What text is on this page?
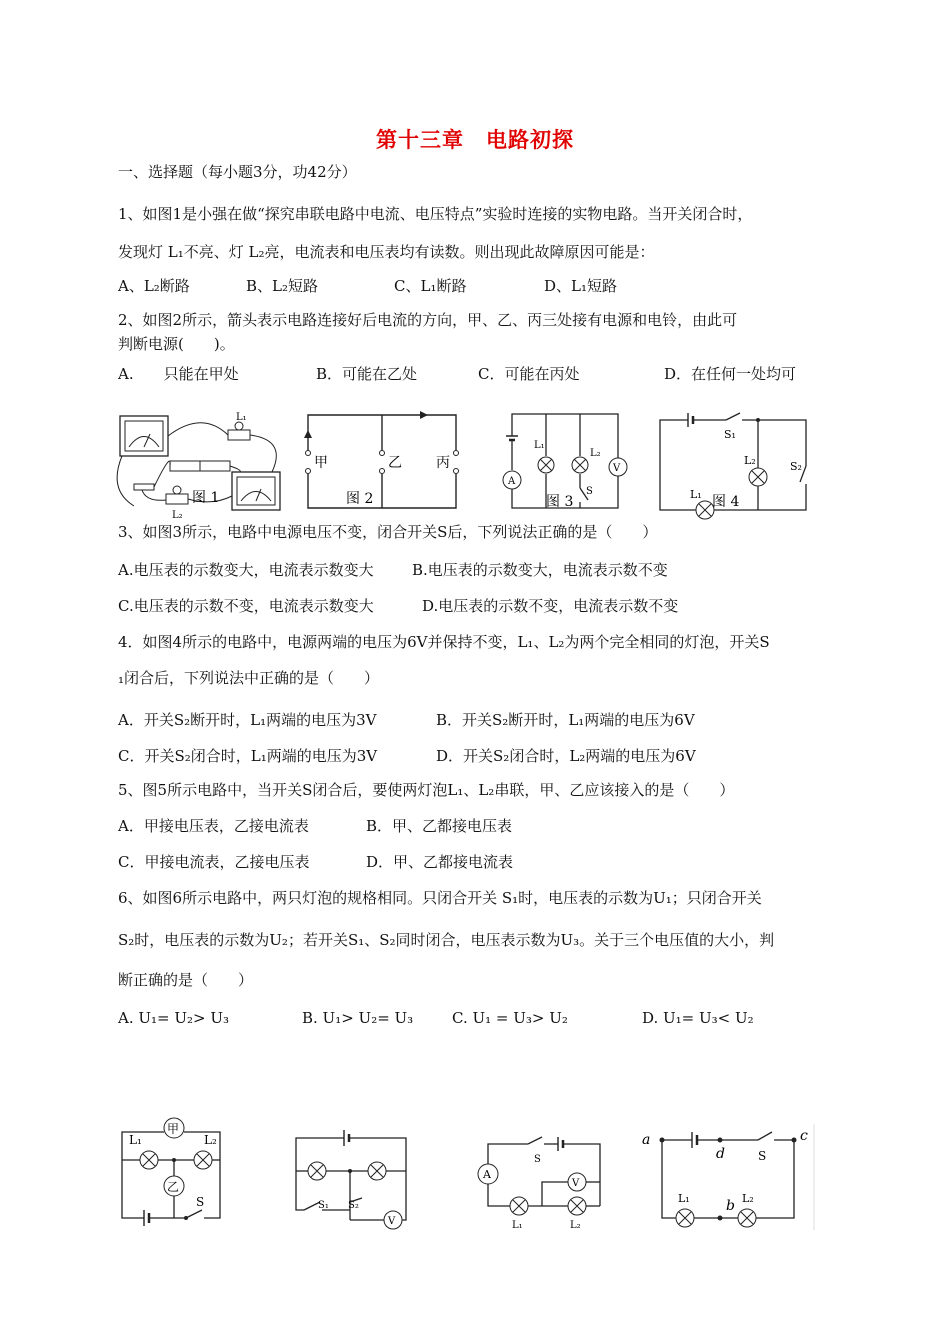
第十三章　电路初探
一、选择题（每小题3分，功42分）
1、如图1是小强在做“探究串联电路中电流、电压特点”实验时连接的实物电路。当开关闭合时，
发现灯 L₁不亮、灯 L₂亮，电流表和电压表均有读数。则出现此故障原因可能是：
A、L₂断路	B、L₂短路	C、L₁断路	D、L₁短路
2、如图2所示，箭头表示电路连接好后电流的方向，甲、乙、丙三处接有电源和电铃，由此可
判断电源(　　)。
A.　　只能在甲处	B．可能在乙处	C．可能在丙处	D．在任何一处均可
L₁
L₂
图 1
甲	乙 丙
图 2
A
V
L₁
L₂
S
图 3
S₁
L₂	S₂
L₁ 图 4
3、如图3所示，电路中电源电压不变，闭合开关S后，下列说法正确的是（　　）
A.电压表的示数变大，电流表示数变大	B.电压表的示数变大，电流表示数不变
C.电压表的示数不变，电流表示数变大	D.电压表的示数不变，电流表示数不变
4．如图4所示的电路中，电源两端的电压为6V并保持不变，L₁、L₂为两个完全相同的灯泡，开关S
₁闭合后，下列说法中正确的是（　　）
A．开关S₂断开时，L₁两端的电压为3V	B．开关S₂断开时，L₁两端的电压为6V
C．开关S₂闭合时，L₁两端的电压为3V	D．开关S₂闭合时，L₂两端的电压为6V
5、图5所示电路中，当开关S闭合后，要使两灯泡L₁、L₂串联，甲、乙应该接入的是（　　）
A．甲接电压表，乙接电流表	B．甲、乙都接电压表
C．甲接电流表，乙接电压表	D．甲、乙都接电流表
6、如图6所示电路中，两只灯泡的规格相同。只闭合开关 S₁时，电压表的示数为U₁；只闭合开关
S₂时，电压表的示数为U₂；若开关S₁、S₂同时闭合，电压表示数为U₃。关于三个电压值的大小，判
断正确的是（　　）
A. U₁= U₂> U₃	B. U₁> U₂= U₃	C. U₁ = U₃> U₂	D. U₁= U₃< U₂
L₁
甲
L₂
乙
S	S₁ S₂
V
S
A
V
L₁	L₂
a
d	S
c
L₁	b L₂
